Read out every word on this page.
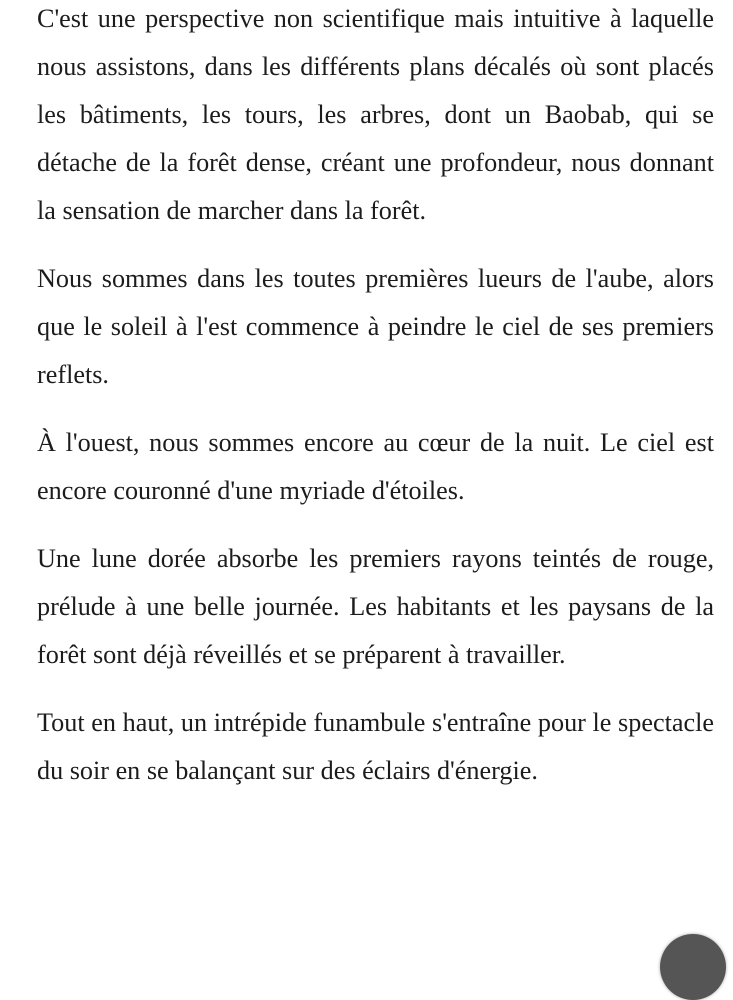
C'est une perspective non scientifique mais intuitive à laquelle nous assistons, dans les différents plans décalés où sont placés les bâtiments, les tours, les arbres, dont un Baobab, qui se détache de la forêt dense, créant une profondeur, nous donnant la sensation de marcher dans la forêt.

Nous sommes dans les toutes premières lueurs de l'aube, alors que le soleil à l'est commence à peindre le ciel de ses premiers reflets.

À l'ouest, nous sommes encore au cœur de la nuit. Le ciel est encore couronné d'une myriade d'étoiles.

Une lune dorée absorbe les premiers rayons teintés de rouge, prélude à une belle journée. Les habitants et les paysans de la forêt sont déjà réveillés et se préparent à travailler.

Tout en haut, un intrépide funambule s'entraîne pour le spectacle du soir en se balançant sur des éclairs d'énergie.
